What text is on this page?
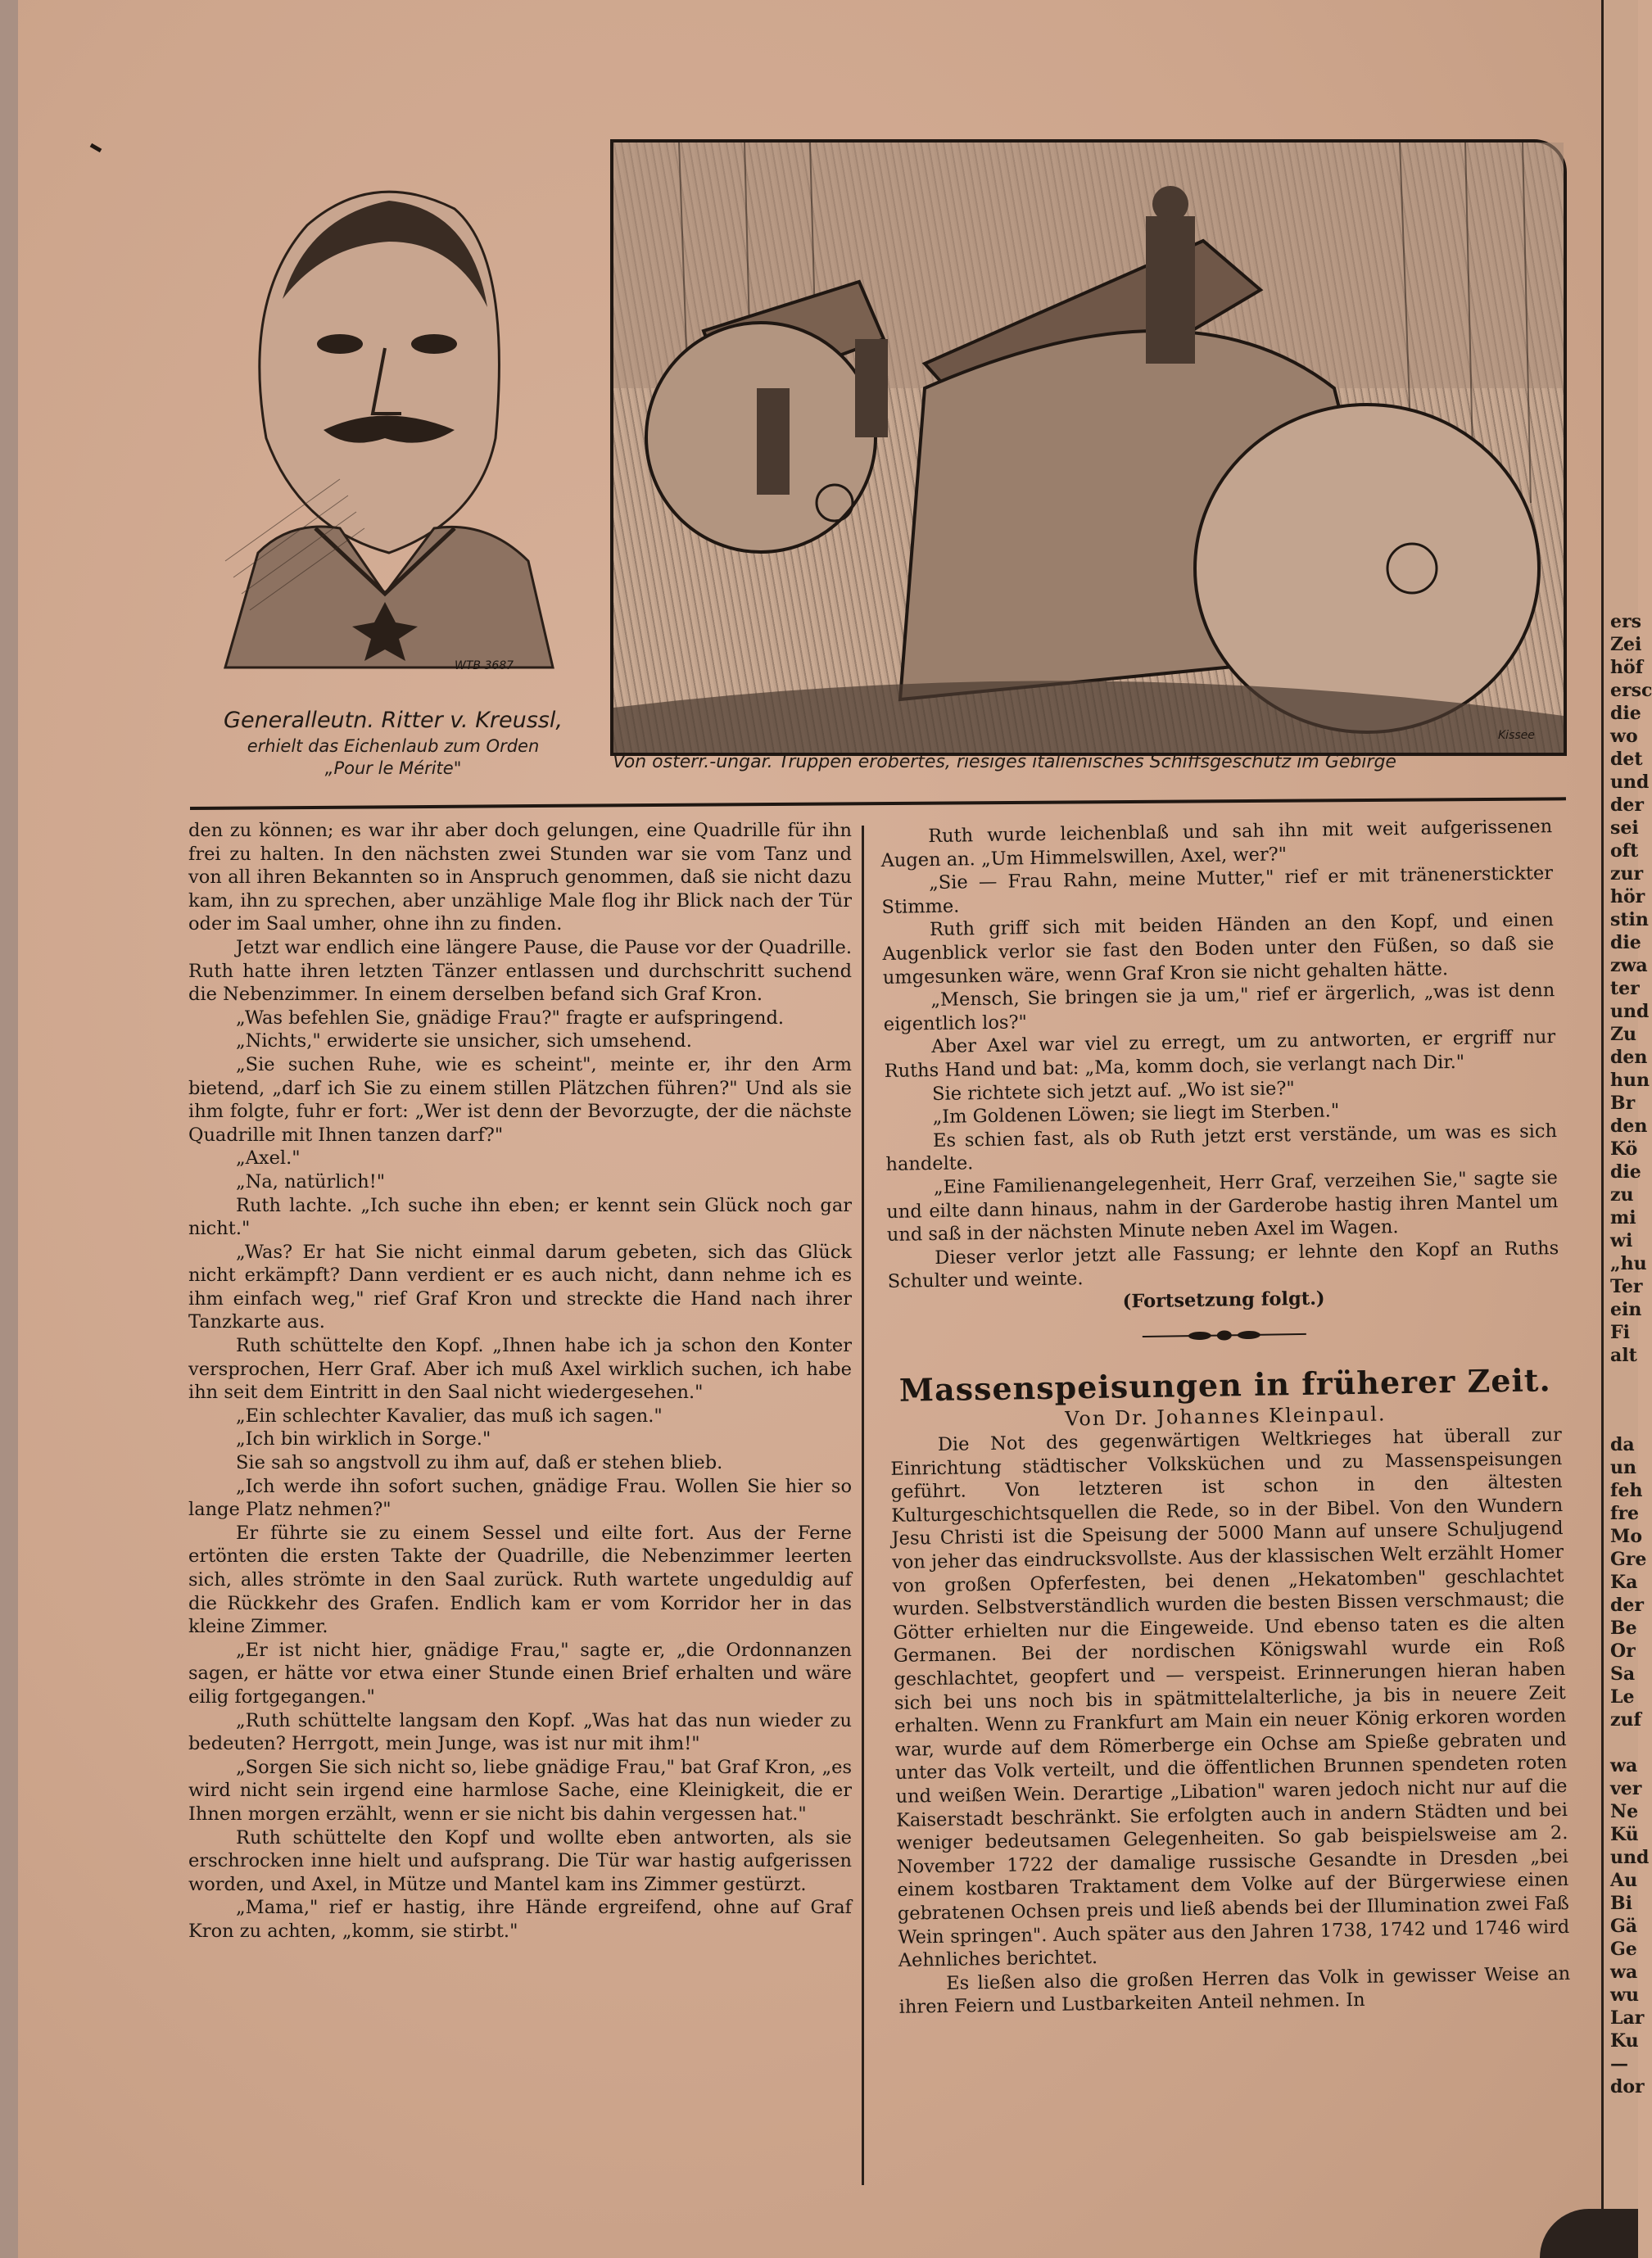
WTB 3687
Generalleutn. Ritter v. Kreussl,
erhielt das Eichenlaub zum Orden
„Pour le Mérite"
Kissee
Von österr.-ungar. Truppen erobertes, riesiges italienisches Schiffsgeschütz im Gebirge

den zu können; es war ihr aber doch gelungen, eine Quadrille für ihn frei zu halten. In den nächsten zwei Stunden war sie vom Tanz und von all ihren Bekannten so in Anspruch genommen, daß sie nicht dazu kam, ihn zu sprechen, aber unzählige Male flog ihr Blick nach der Tür oder im Saal umher, ohne ihn zu finden.

Jetzt war endlich eine längere Pause, die Pause vor der Quadrille. Ruth hatte ihren letzten Tänzer entlassen und durchschritt suchend die Nebenzimmer. In einem derselben befand sich Graf Kron.

„Was befehlen Sie, gnädige Frau?" fragte er aufspringend.

„Nichts," erwiderte sie unsicher, sich umsehend.

„Sie suchen Ruhe, wie es scheint", meinte er, ihr den Arm bietend, „darf ich Sie zu einem stillen Plätzchen führen?" Und als sie ihm folgte, fuhr er fort: „Wer ist denn der Bevorzugte, der die nächste Quadrille mit Ihnen tanzen darf?"

„Axel."

„Na, natürlich!"

Ruth lachte. „Ich suche ihn eben; er kennt sein Glück noch gar nicht."

„Was? Er hat Sie nicht einmal darum gebeten, sich das Glück nicht erkämpft? Dann verdient er es auch nicht, dann nehme ich es ihm einfach weg," rief Graf Kron und streckte die Hand nach ihrer Tanzkarte aus.

Ruth schüttelte den Kopf. „Ihnen habe ich ja schon den Konter versprochen, Herr Graf. Aber ich muß Axel wirklich suchen, ich habe ihn seit dem Eintritt in den Saal nicht wiedergesehen."

„Ein schlechter Kavalier, das muß ich sagen."

„Ich bin wirklich in Sorge."

Sie sah so angstvoll zu ihm auf, daß er stehen blieb.

„Ich werde ihn sofort suchen, gnädige Frau. Wollen Sie hier so lange Platz nehmen?"

Er führte sie zu einem Sessel und eilte fort. Aus der Ferne ertönten die ersten Takte der Quadrille, die Nebenzimmer leerten sich, alles strömte in den Saal zurück. Ruth wartete ungeduldig auf die Rückkehr des Grafen. Endlich kam er vom Korridor her in das kleine Zimmer.

„Er ist nicht hier, gnädige Frau," sagte er, „die Ordonnanzen sagen, er hätte vor etwa einer Stunde einen Brief erhalten und wäre eilig fortgegangen."

„Ruth schüttelte langsam den Kopf. „Was hat das nun wieder zu bedeuten? Herrgott, mein Junge, was ist nur mit ihm!"

„Sorgen Sie sich nicht so, liebe gnädige Frau," bat Graf Kron, „es wird nicht sein irgend eine harmlose Sache, eine Kleinigkeit, die er Ihnen morgen erzählt, wenn er sie nicht bis dahin vergessen hat."

Ruth schüttelte den Kopf und wollte eben antworten, als sie erschrocken inne hielt und aufsprang. Die Tür war hastig aufgerissen worden, und Axel, in Mütze und Mantel kam ins Zimmer gestürzt.

„Mama," rief er hastig, ihre Hände ergreifend, ohne auf Graf Kron zu achten, „komm, sie stirbt."

Ruth wurde leichenblaß und sah ihn mit weit aufgerissenen Augen an. „Um Himmelswillen, Axel, wer?"

„Sie — Frau Rahn, meine Mutter," rief er mit tränenerstickter Stimme.

Ruth griff sich mit beiden Händen an den Kopf, und einen Augenblick verlor sie fast den Boden unter den Füßen, so daß sie umgesunken wäre, wenn Graf Kron sie nicht gehalten hätte.

„Mensch, Sie bringen sie ja um," rief er ärgerlich, „was ist denn eigentlich los?"

Aber Axel war viel zu erregt, um zu antworten, er ergriff nur Ruths Hand und bat: „Ma, komm doch, sie verlangt nach Dir."

Sie richtete sich jetzt auf. „Wo ist sie?"

„Im Goldenen Löwen; sie liegt im Sterben."

Es schien fast, als ob Ruth jetzt erst verstände, um was es sich handelte.

„Eine Familienangelegenheit, Herr Graf, verzeihen Sie," sagte sie und eilte dann hinaus, nahm in der Garderobe hastig ihren Mantel um und saß in der nächsten Minute neben Axel im Wagen.

Dieser verlor jetzt alle Fassung; er lehnte den Kopf an Ruths Schulter und weinte.

(Fortsetzung folgt.)

Massenspeisungen in früherer Zeit.

Von Dr. Johannes Kleinpaul.

Die Not des gegenwärtigen Weltkrieges hat überall zur Einrichtung städtischer Volksküchen und zu Massenspeisungen geführt. Von letzteren ist schon in den ältesten Kulturgeschichtsquellen die Rede, so in der Bibel. Von den Wundern Jesu Christi ist die Speisung der 5000 Mann auf unsere Schuljugend von jeher das eindrucksvollste. Aus der klassischen Welt erzählt Homer von großen Opferfesten, bei denen „Hekatomben" geschlachtet wurden. Selbstverständlich wurden die besten Bissen verschmaust; die Götter erhielten nur die Eingeweide. Und ebenso taten es die alten Germanen. Bei der nordischen Königswahl wurde ein Roß geschlachtet, geopfert und — verspeist. Erinnerungen hieran haben sich bei uns noch bis in spätmittelalterliche, ja bis in neuere Zeit erhalten. Wenn zu Frankfurt am Main ein neuer König erkoren worden war, wurde auf dem Römerberge ein Ochse am Spieße gebraten und unter das Volk verteilt, und die öffentlichen Brunnen spendeten roten und weißen Wein. Derartige „Libation" waren jedoch nicht nur auf die Kaiserstadt beschränkt. Sie erfolgten auch in andern Städten und bei weniger bedeutsamen Gelegenheiten. So gab beispielsweise am 2. November 1722 der damalige russische Gesandte in Dresden „bei einem kostbaren Traktament dem Volke auf der Bürgerwiese einen gebratenen Ochsen preis und ließ abends bei der Illumination zwei Faß Wein springen". Auch später aus den Jahren 1738, 1742 und 1746 wird Aehnliches berichtet.

Es ließen also die großen Herren das Volk in gewisser Weise an ihren Feiern und Lustbarkeiten Anteil nehmen. In

ers
Zei
höf
ersc
die
wo
det
und
der
sei
oft
zur
hör
stin
die
zwa
ter
und
Zu
den
hun
Br
den
Kö
die
zu
mi
wi
„hu
Ter
ein
Fi
alt
da
un
feh
fre
Mo
Gre
Ka
der
Be
Or
Sa
Le
zuf

wa
ver
Ne
Kü
und
Au
Bi
Gä
Ge
wa
wu
Lar
Ku
—
dor
